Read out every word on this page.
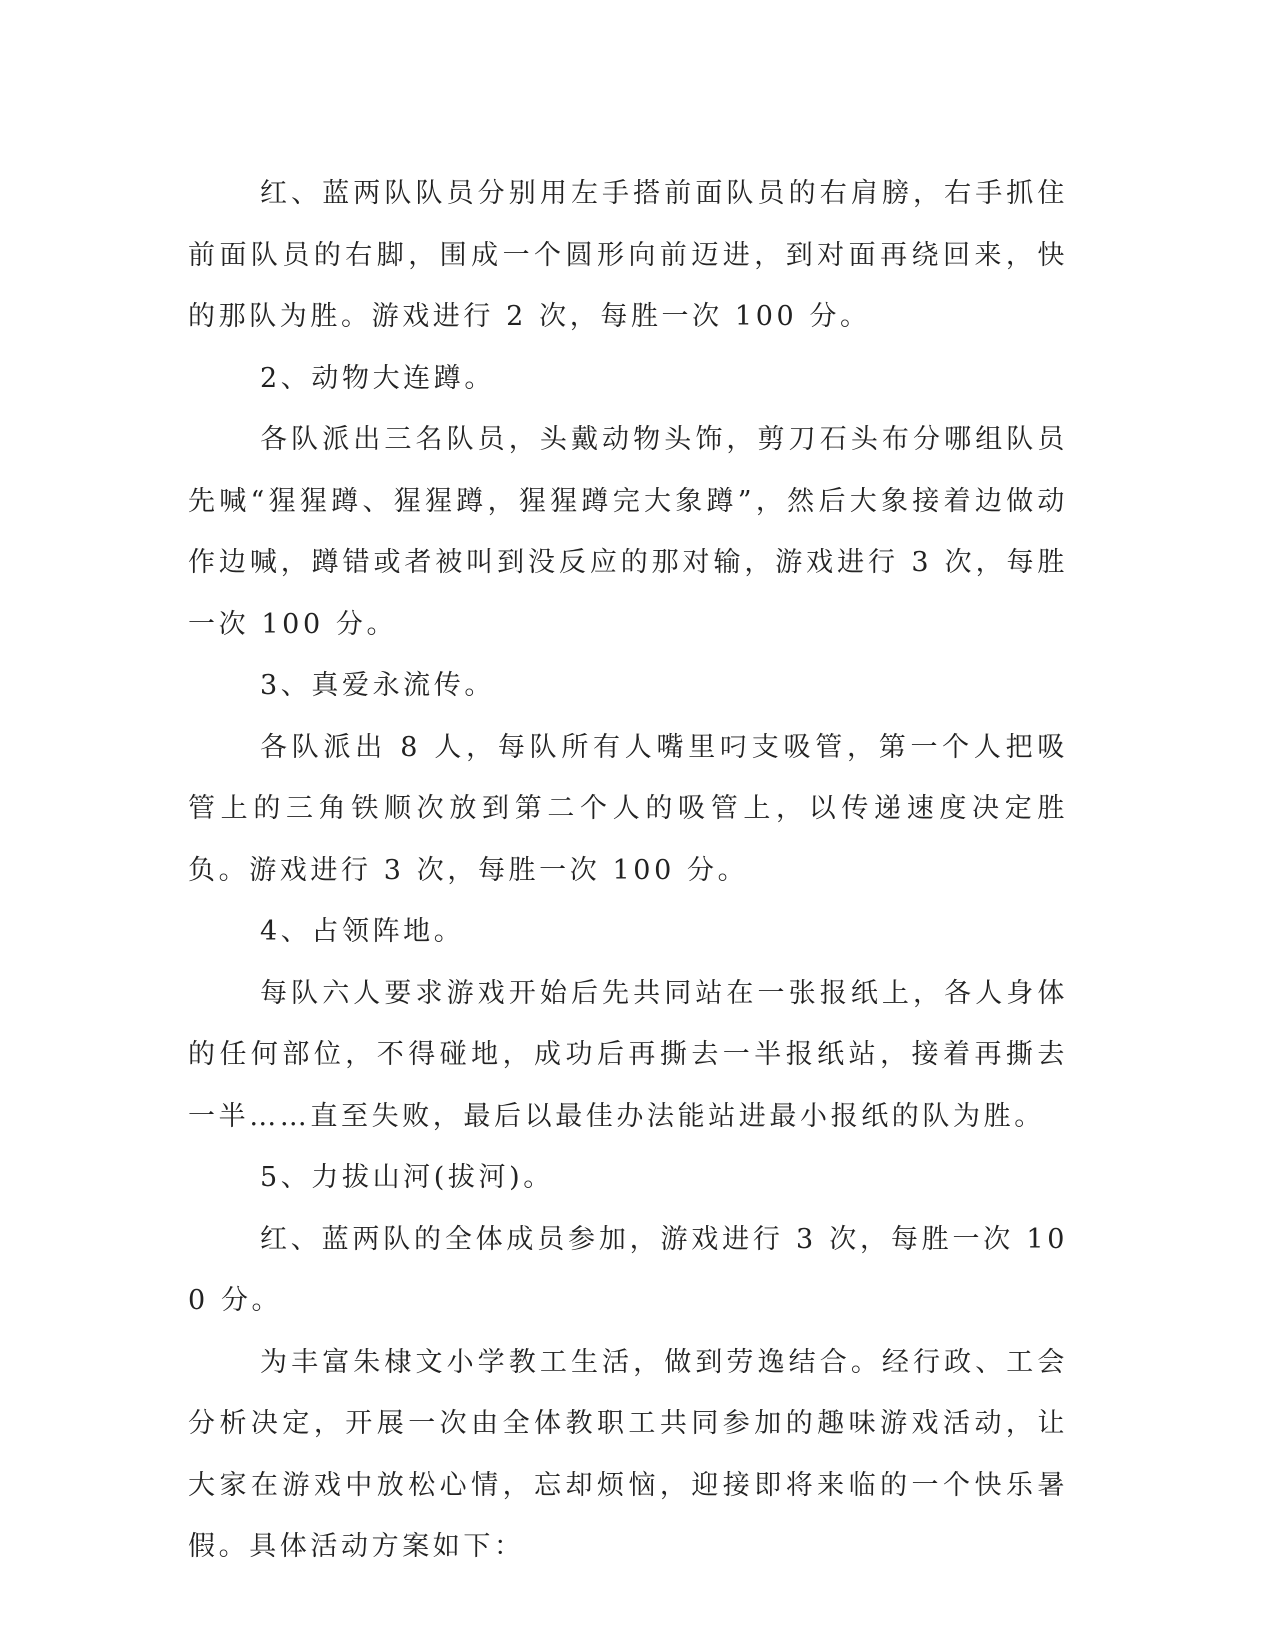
红、蓝两队队员分别用左手搭前面队员的右肩膀，右手抓住前面队员的右脚，围成一个圆形向前迈进，到对面再绕回来，快的那队为胜。游戏进行 2 次，每胜一次 100 分。

2、动物大连蹲。

各队派出三名队员，头戴动物头饰，剪刀石头布分哪组队员先喊“猩猩蹲、猩猩蹲，猩猩蹲完大象蹲”，然后大象接着边做动作边喊，蹲错或者被叫到没反应的那对输，游戏进行 3 次，每胜一次 100 分。

3、真爱永流传。

各队派出 8 人，每队所有人嘴里叼支吸管，第一个人把吸管上的三角铁顺次放到第二个人的吸管上，以传递速度决定胜负。游戏进行 3 次，每胜一次 100 分。

4、占领阵地。

每队六人要求游戏开始后先共同站在一张报纸上，各人身体的任何部位，不得碰地，成功后再撕去一半报纸站，接着再撕去一半……直至失败，最后以最佳办法能站进最小报纸的队为胜。

5、力拔山河(拔河)。

红、蓝两队的全体成员参加，游戏进行 3 次，每胜一次 100 分。

为丰富朱棣文小学教工生活，做到劳逸结合。经行政、工会分析决定，开展一次由全体教职工共同参加的趣味游戏活动，让大家在游戏中放松心情，忘却烦恼，迎接即将来临的一个快乐暑假。具体活动方案如下：
